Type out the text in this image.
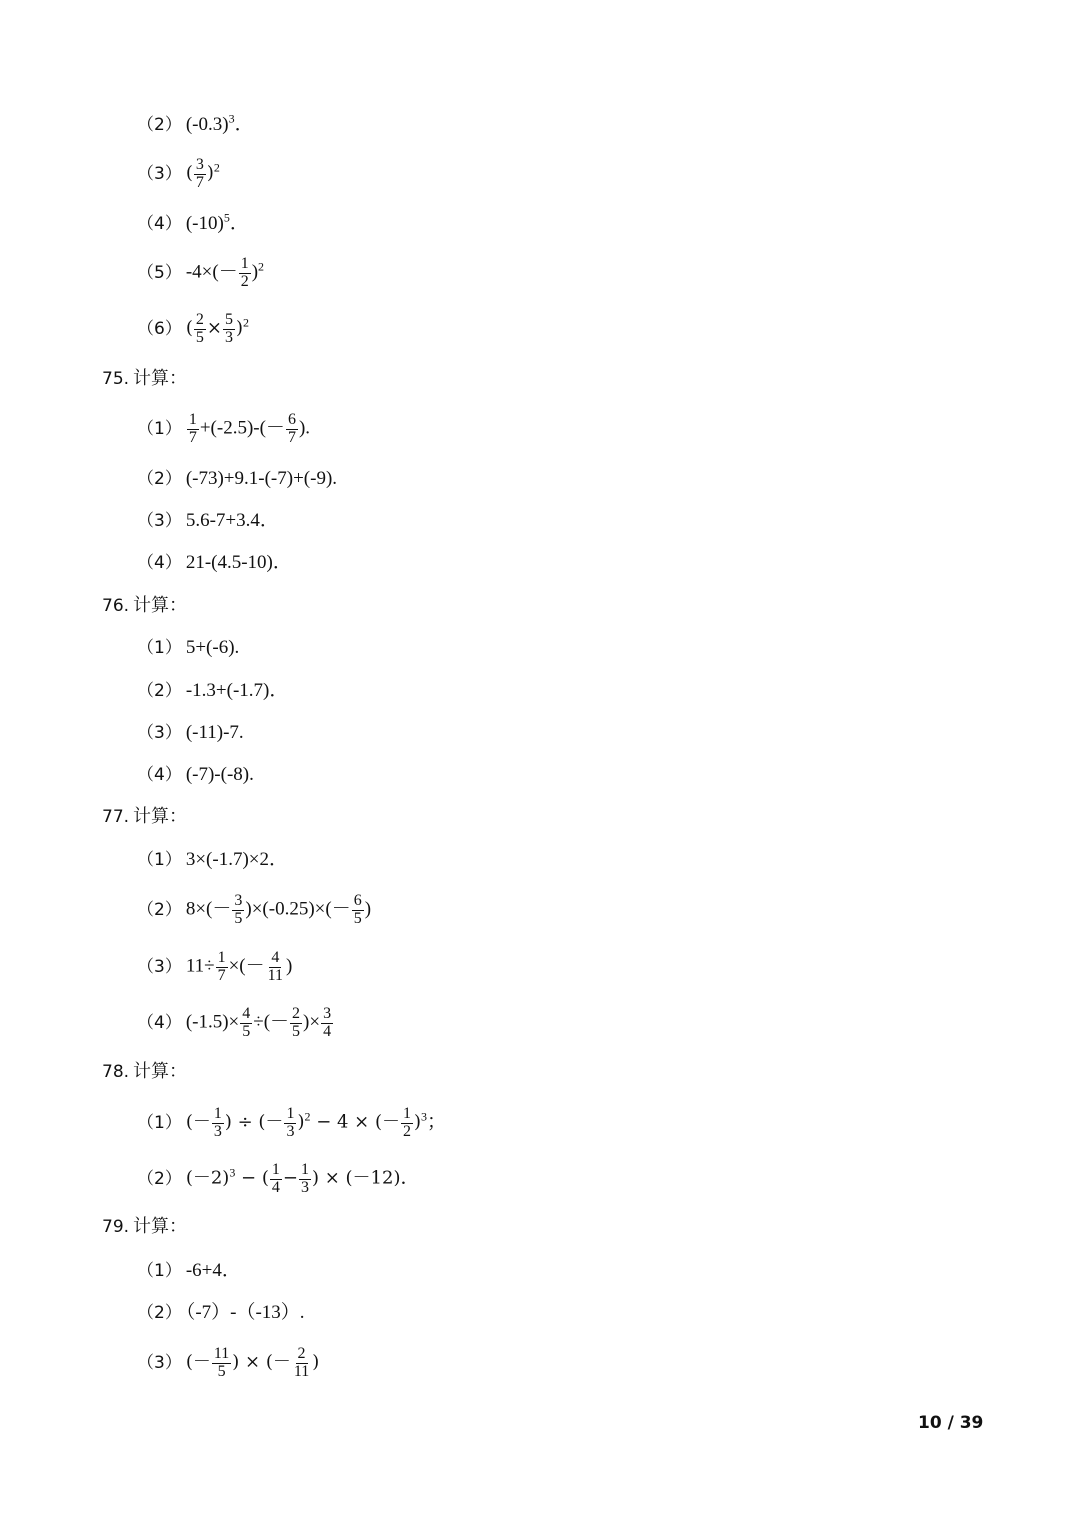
（2） $(-0.3)^3$．
（3） ( $\frac{3}{7} )^2$
（4） $(-10)^5$．
（5） $-4\times(- \frac{1}{2} )^2$
（6） ( $\frac{2}{5} \times \frac{5}{3} )^2$
75. 计算：
$(1) \frac{1}{7} +(-2.5)-(- \frac{6}{7}$ ).
（2） (-73)+9.1-(-7)+(-9).
（3） 5.6-7+3.4．
（4） 21-(4.5-10)．
76. 计算：
（1） 5+(-6).
（2） -1.3+(-1.7)．
（3） (-11)-7.
（4） (-7)-(-8).
77. 计算：
（1） 3×(-1.7)×2．
（2） $8\times(- \frac{3}{5} )\times(-0.25)\times(- \frac{6}{5}$ )
（3） $11\div \frac{1}{7}$ ×(－ $\frac{4}{11}$ )
（4） $(-1.5)\times \frac{4}{5}$ ÷(－ $\frac{2}{5}$ )× $\frac{3}{4}$
78. 计算：
（1） (－ $\frac{1}{3}$ ) ÷ (－ $\frac{1}{3} )^2 - 4$ × (－ $\frac{1}{2} )^3$；
（2） $(-2)^3$ − ( $\frac{1}{4} - \frac{1}{3}$ ) × (－12)．
79. 计算：
（1） -6+4．
（2） （-7）-（-13）.
（3） (－ $\frac{11}{5}$ ) × (－ $\frac{2}{11}$ )
10 / 39
